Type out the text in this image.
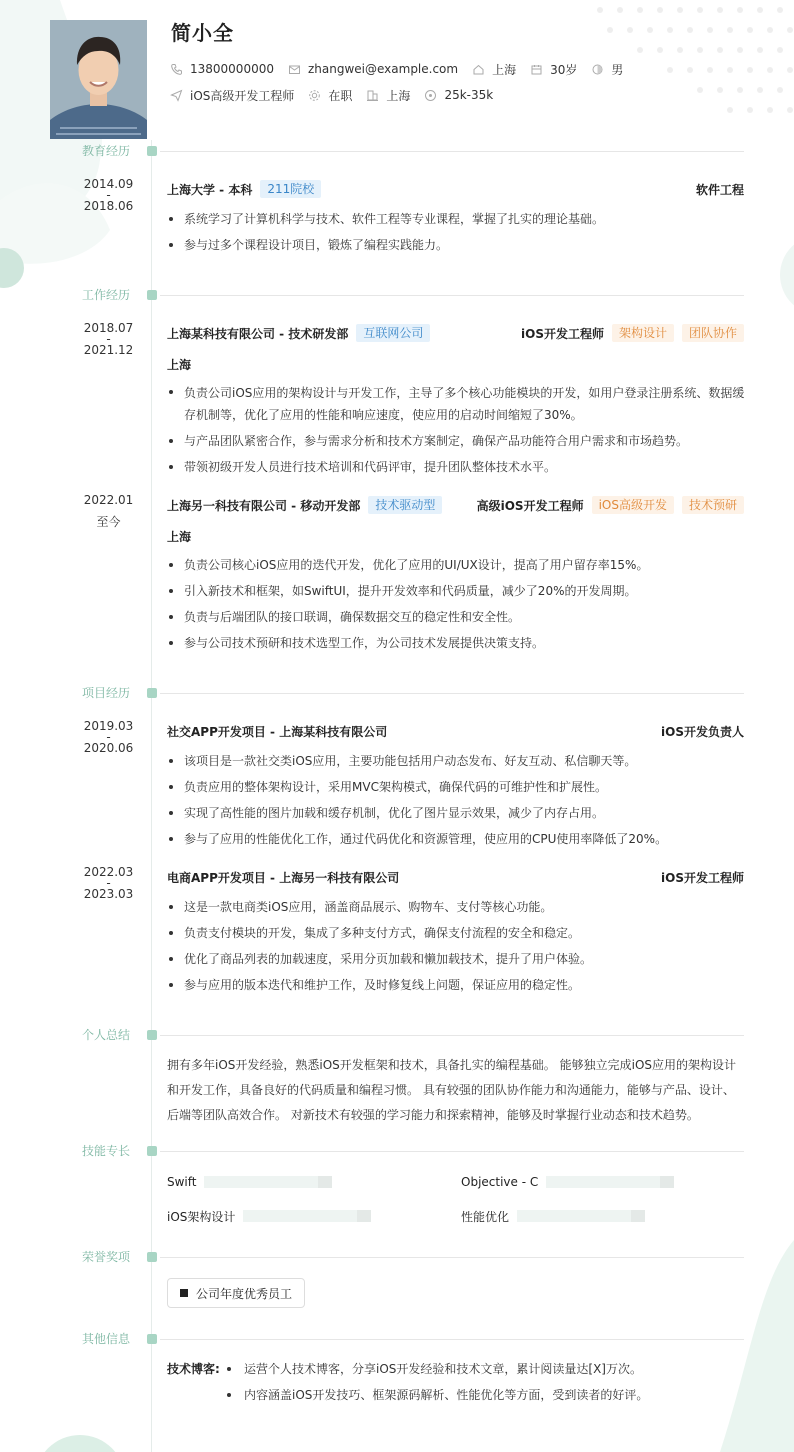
简小全
13800000000	zhangwei@example.com	上海	30岁	男
iOS高级开发工程师	在职	上海	25k-35k
教育经历
2014.09
-
2018.06
上海大学 - 本科	211院校	软件工程
系统学习了计算机科学与技术、软件工程等专业课程，掌握了扎实的理论基础。
参与过多个课程设计项目，锻炼了编程实践能力。
工作经历
2018.07
-
2021.12
上海某科技有限公司 - 技术研发部	互联网公司	iOS开发工程师	架构设计	团队协作
上海
负责公司iOS应用的架构设计与开发工作，主导了多个核心功能模块的开发，如用户登录注册系统、数据缓存机制等，优化了应用的性能和响应速度，使应用的启动时间缩短了30%。
与产品团队紧密合作，参与需求分析和技术方案制定，确保产品功能符合用户需求和市场趋势。
带领初级开发人员进行技术培训和代码评审，提升团队整体技术水平。
2022.01
至今
上海另一科技有限公司 - 移动开发部	技术驱动型	高级iOS开发工程师	iOS高级开发	技术预研
上海
负责公司核心iOS应用的迭代开发，优化了应用的UI/UX设计，提高了用户留存率15%。
引入新技术和框架，如SwiftUI，提升开发效率和代码质量，减少了20%的开发周期。
负责与后端团队的接口联调，确保数据交互的稳定性和安全性。
参与公司技术预研和技术选型工作，为公司技术发展提供决策支持。
项目经历
2019.03
-
2020.06
社交APP开发项目 - 上海某科技有限公司	iOS开发负责人
该项目是一款社交类iOS应用，主要功能包括用户动态发布、好友互动、私信聊天等。
负责应用的整体架构设计，采用MVC架构模式，确保代码的可维护性和扩展性。
实现了高性能的图片加载和缓存机制，优化了图片显示效果，减少了内存占用。
参与了应用的性能优化工作，通过代码优化和资源管理，使应用的CPU使用率降低了20%。
2022.03
-
2023.03
电商APP开发项目 - 上海另一科技有限公司	iOS开发工程师
这是一款电商类iOS应用，涵盖商品展示、购物车、支付等核心功能。
负责支付模块的开发，集成了多种支付方式，确保支付流程的安全和稳定。
优化了商品列表的加载速度，采用分页加载和懒加载技术，提升了用户体验。
参与应用的版本迭代和维护工作，及时修复线上问题，保证应用的稳定性。
个人总结
拥有多年iOS开发经验，熟悉iOS开发框架和技术，具备扎实的编程基础。 能够独立完成iOS应用的架构设计和开发工作，具备良好的代码质量和编程习惯。 具有较强的团队协作能力和沟通能力，能够与产品、设计、后端等团队高效合作。 对新技术有较强的学习能力和探索精神，能够及时掌握行业动态和技术趋势。
技能专长
Swift	Objective - C
iOS架构设计	性能优化
荣誉奖项
公司年度优秀员工
其他信息
技术博客:	运营个人技术博客，分享iOS开发经验和技术文章，累计阅读量达[X]万次。
内容涵盖iOS开发技巧、框架源码解析、性能优化等方面，受到读者的好评。
